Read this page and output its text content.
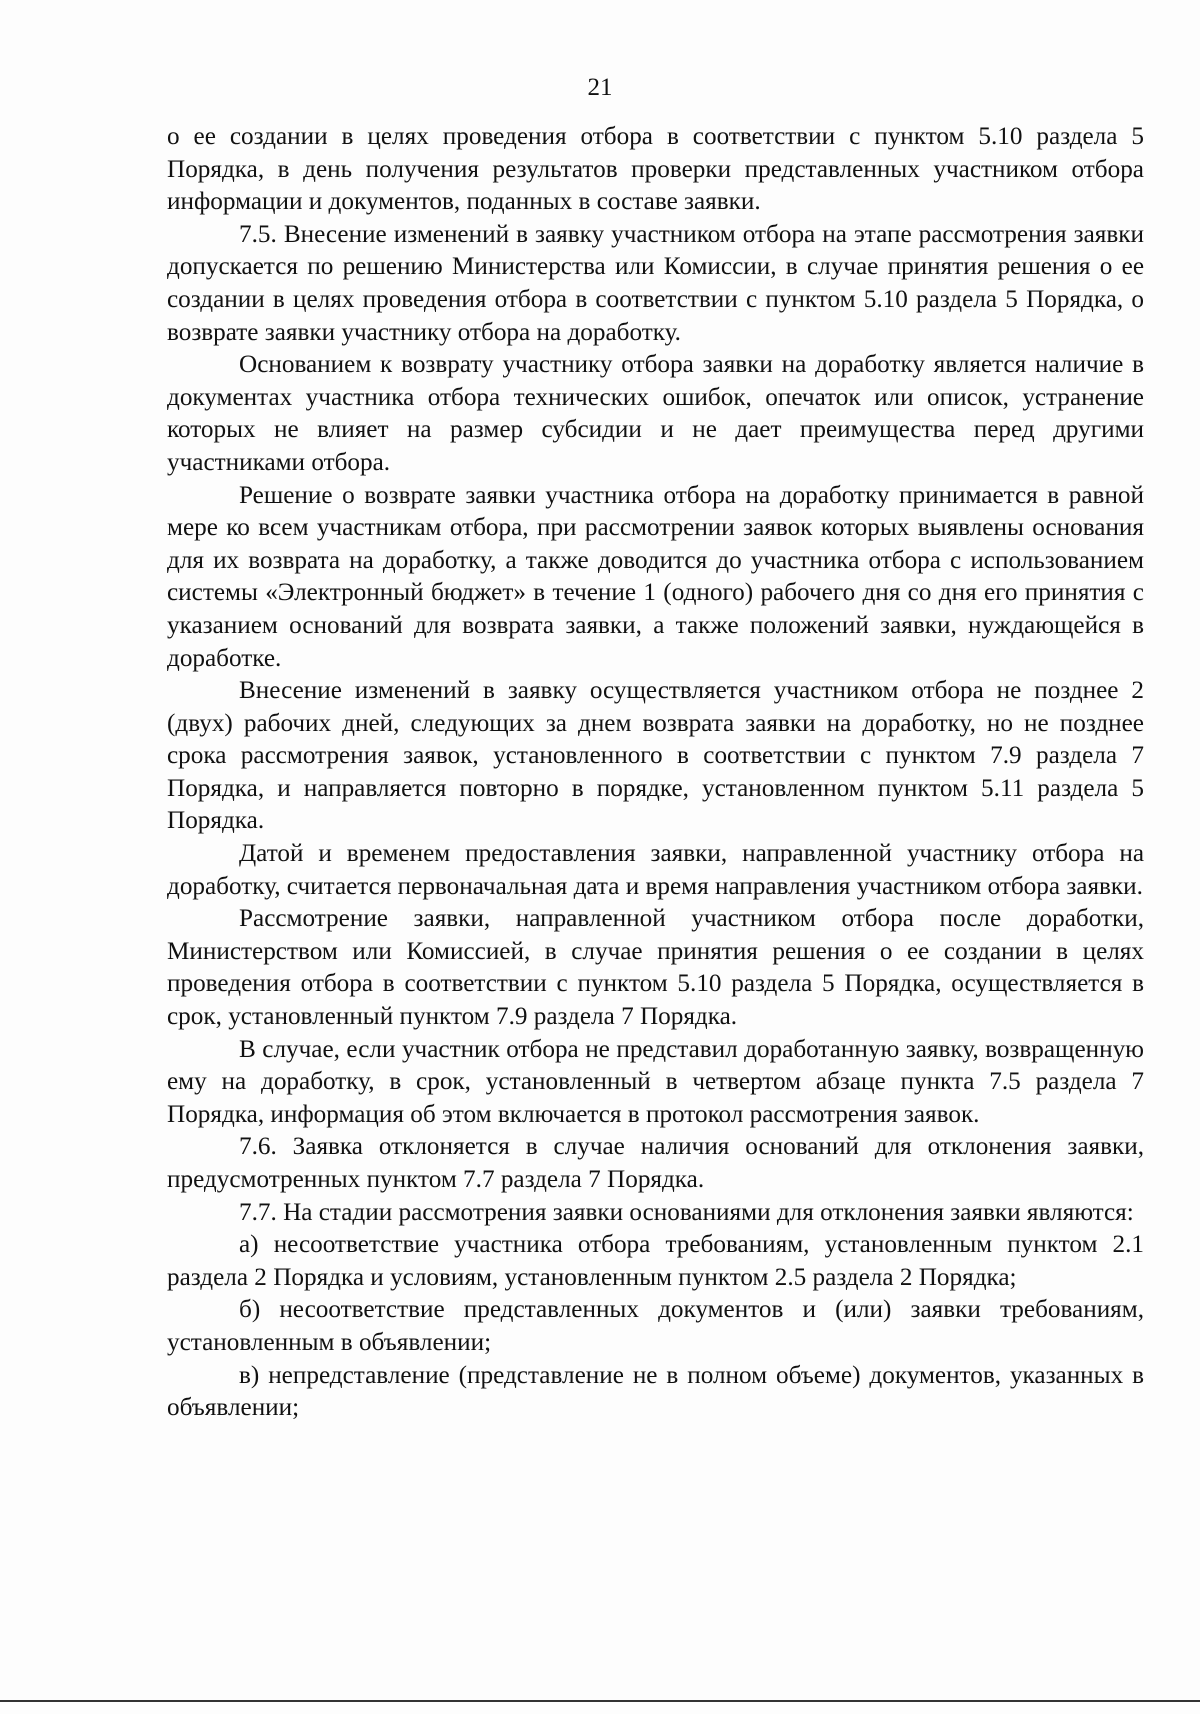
21

о ее создании в целях проведения отбора в соответствии с пунктом 5.10 раздела 5 Порядка, в день получения результатов проверки представленных участником отбора информации и документов, поданных в составе заявки.

7.5. Внесение изменений в заявку участником отбора на этапе рассмотрения заявки допускается по решению Министерства или Комиссии, в случае принятия решения о ее создании в целях проведения отбора в соответствии с пунктом 5.10 раздела 5 Порядка, о возврате заявки участнику отбора на доработку.

Основанием к возврату участнику отбора заявки на доработку является наличие в документах участника отбора технических ошибок, опечаток или описок, устранение которых не влияет на размер субсидии и не дает преимущества перед другими участниками отбора.

Решение о возврате заявки участника отбора на доработку принимается в равной мере ко всем участникам отбора, при рассмотрении заявок которых выявлены основания для их возврата на доработку, а также доводится до участника отбора с использованием системы «Электронный бюджет» в течение 1 (одного) рабочего дня со дня его принятия с указанием оснований для возврата заявки, а также положений заявки, нуждающейся в доработке.

Внесение изменений в заявку осуществляется участником отбора не позднее 2 (двух) рабочих дней, следующих за днем возврата заявки на доработку, но не позднее срока рассмотрения заявок, установленного в соответствии с пунктом 7.9 раздела 7 Порядка, и направляется повторно в порядке, установленном пунктом 5.11 раздела 5 Порядка.

Датой и временем предоставления заявки, направленной участнику отбора на доработку, считается первоначальная дата и время направления участником отбора заявки.

Рассмотрение заявки, направленной участником отбора после доработки, Министерством или Комиссией, в случае принятия решения о ее создании в целях проведения отбора в соответствии с пунктом 5.10 раздела 5 Порядка, осуществляется в срок, установленный пунктом 7.9 раздела 7 Порядка.

В случае, если участник отбора не представил доработанную заявку, возвращенную ему на доработку, в срок, установленный в четвертом абзаце пункта 7.5 раздела 7 Порядка, информация об этом включается в протокол рассмотрения заявок.

7.6. Заявка отклоняется в случае наличия оснований для отклонения заявки, предусмотренных пунктом 7.7 раздела 7 Порядка.

7.7. На стадии рассмотрения заявки основаниями для отклонения заявки являются:

а) несоответствие участника отбора требованиям, установленным пунктом 2.1 раздела 2 Порядка и условиям, установленным пунктом 2.5 раздела 2 Порядка;

б) несоответствие представленных документов и (или) заявки требованиям, установленным в объявлении;

в) непредставление (представление не в полном объеме) документов, указанных в объявлении;
